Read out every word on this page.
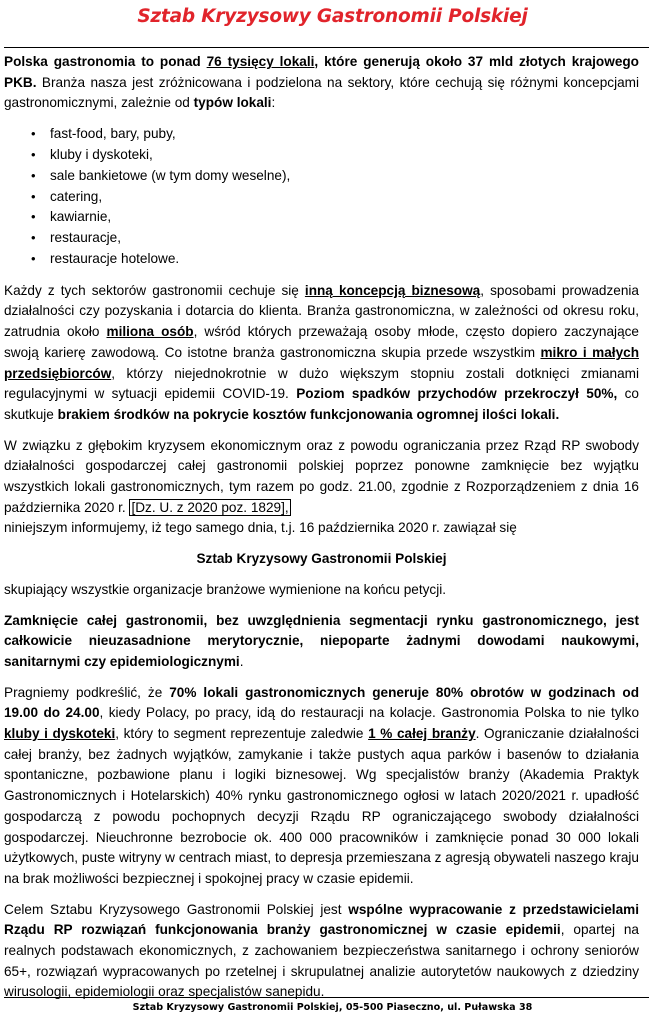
Sztab Kryzysowy Gastronomii Polskiej

Polska gastronomia to ponad 76 tysięcy lokali, które generują około 37 mld złotych krajowego PKB. Branża nasza jest zróżnicowana i podzielona na sektory, które cechują się różnymi koncepcjami gastronomicznymi, zależnie od typów lokali:

• fast-food, bary, puby,
• kluby i dyskoteki,
• sale bankietowe (w tym domy weselne),
• catering,
• kawiarnie,
• restauracje,
• restauracje hotelowe.

Każdy z tych sektorów gastronomii cechuje się inną koncepcją biznesową, sposobami prowadzenia działalności czy pozyskania i dotarcia do klienta. Branża gastronomiczna, w zależności od okresu roku, zatrudnia około miliona osób, wśród których przeważają osoby młode, często dopiero zaczynające swoją karierę zawodową. Co istotne branża gastronomiczna skupia przede wszystkim mikro i małych przedsiębiorców, którzy niejednokrotnie w dużo większym stopniu zostali dotknięci zmianami regulacyjnymi w sytuacji epidemii COVID-19. Poziom spadków przychodów przekroczył 50%, co skutkuje brakiem środków na pokrycie kosztów funkcjonowania ogromnej ilości lokali.

W związku z głębokim kryzysem ekonomicznym oraz z powodu ograniczania przez Rząd RP swobody działalności gospodarczej całej gastronomii polskiej poprzez ponowne zamknięcie bez wyjątku wszystkich lokali gastronomicznych, tym razem po godz. 21.00, zgodnie z Rozporządzeniem z dnia 16 października 2020 r. [Dz. U. z 2020 poz. 1829],

niniejszym informujemy, iż tego samego dnia, t.j. 16 października 2020 r. zawiązał się

Sztab Kryzysowy Gastronomii Polskiej

skupiający wszystkie organizacje branżowe wymienione na końcu petycji.

Zamknięcie całej gastronomii, bez uwzględnienia segmentacji rynku gastronomicznego, jest całkowicie nieuzasadnione merytorycznie, niepoparte żadnymi dowodami naukowymi, sanitarnymi czy epidemiologicznymi.

Pragniemy podkreślić, że 70% lokali gastronomicznych generuje 80% obrotów w godzinach od 19.00 do 24.00, kiedy Polacy, po pracy, idą do restauracji na kolacje. Gastronomia Polska to nie tylko kluby i dyskoteki, który to segment reprezentuje zaledwie 1 % całej branży. Ograniczanie działalności całej branży, bez żadnych wyjątków, zamykanie i także pustych aqua parków i basenów to działania spontaniczne, pozbawione planu i logiki biznesowej. Wg specjalistów branży (Akademia Praktyk Gastronomicznych i Hotelarskich) 40% rynku gastronomicznego ogłosi w latach 2020/2021 r. upadłość gospodarczą z powodu pochopnych decyzji Rządu RP ograniczającego swobody działalności gospodarczej. Nieuchronne bezrobocie ok. 400 000 pracowników i zamknięcie ponad 30 000 lokali użytkowych, puste witryny w centrach miast, to depresja przemieszana z agresją obywateli naszego kraju na brak możliwości bezpiecznej i spokojnej pracy w czasie epidemii.

Celem Sztabu Kryzysowego Gastronomii Polskiej jest wspólne wypracowanie z przedstawicielami Rządu RP rozwiązań funkcjonowania branży gastronomicznej w czasie epidemii, opartej na realnych podstawach ekonomicznych, z zachowaniem bezpieczeństwa sanitarnego i ochrony seniorów 65+, rozwiązań wypracowanych po rzetelnej i skrupulatnej analizie autorytetów naukowych z dziedziny wirusologii, epidemiologii oraz specjalistów sanepidu.

Sztab Kryzysowy Gastronomii Polskiej, 05-500 Piaseczno, ul. Puławska 38
